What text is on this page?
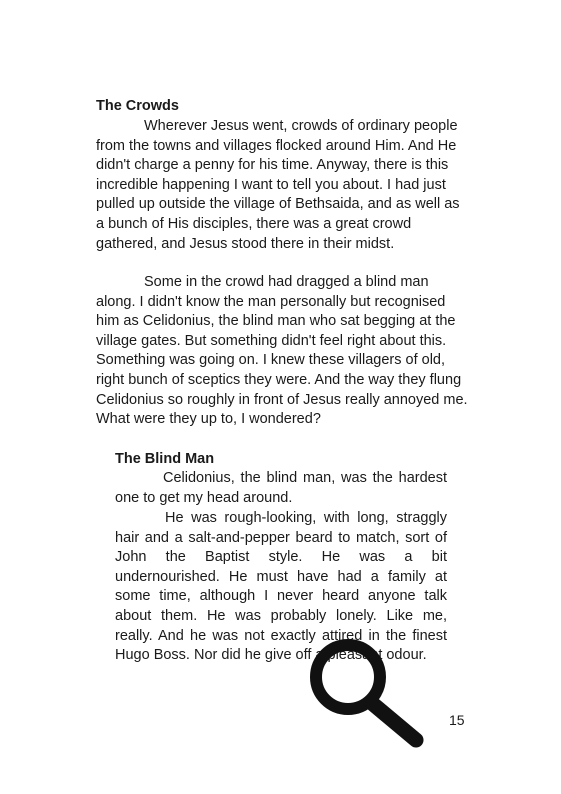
The Crowds

Wherever Jesus went, crowds of ordinary people from the towns and villages flocked around Him. And He didn't charge a penny for his time. Anyway, there is this incredible happening I want to tell you about. I had just pulled up outside the village of Bethsaida, and as well as a bunch of His disciples, there was a great crowd gathered, and Jesus stood there in their midst.

Some in the crowd had dragged a blind man along. I didn't know the man personally but recognised him as Celidonius, the blind man who sat begging at the village gates. But something didn't feel right about this. Something was going on. I knew these villagers of old, right bunch of sceptics they were. And the way they flung Celidonius so roughly in front of Jesus really annoyed me. What were they up to, I wondered?

The Blind Man

Celidonius, the blind man, was the hardest one to get my head around.

He was rough-looking, with long, straggly hair and a salt-and-pepper beard to match, sort of John the Baptist style. He was a bit undernourished. He must have had a family at some time, although I never heard anyone talk about them. He was probably lonely. Like me, really. And he was not exactly attired in the finest Hugo Boss. Nor did he give off a pleasant odour.

15
